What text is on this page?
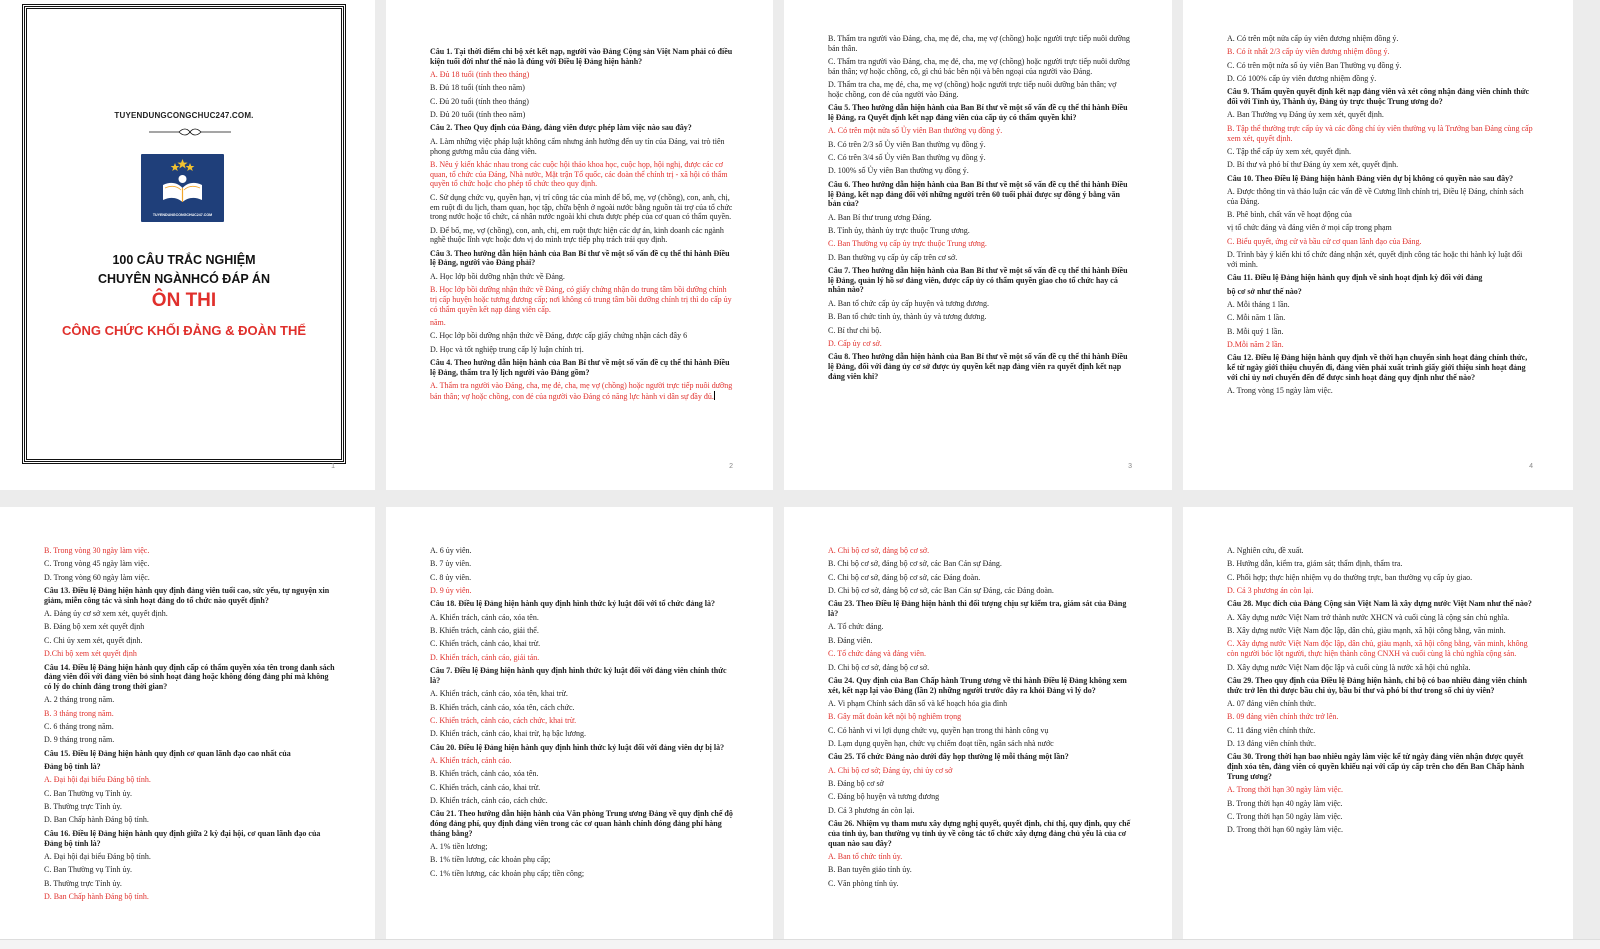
TUYENDUNGCONGCHUC247.COM.
TUYENDUNGCONGCHUC247.COM
100 CÂU TRẮC NGHIỆM
CHUYÊN NGÀNHCÓ ĐÁP ÁN
ÔN THI
CÔNG CHỨC KHỐI ĐẢNG & ĐOÀN THỂ
1

Câu 1. Tại thời điểm chi bộ xét kết nạp, người vào Đảng Cộng sản Việt Nam phải có điều kiện tuổi đời như thế nào là đúng với Điều lệ Đảng hiện hành?

A. Đủ 18 tuổi (tính theo tháng)

B. Đủ 18 tuổi (tính theo năm)

C. Đủ 20 tuổi (tính theo tháng)

D. Đủ 20 tuổi (tính theo năm)

Câu 2. Theo Quy định của Đảng, đảng viên được phép làm việc nào sau đây?

A. Làm những việc pháp luật không cấm nhưng ảnh hưởng đến uy tín của Đảng, vai trò tiên phong gương mẫu của đảng viên.

B. Nêu ý kiến khác nhau trong các cuộc hội thảo khoa học, cuộc họp, hội nghị, được các cơ quan, tổ chức của Đảng, Nhà nước, Mặt trận Tổ quốc, các đoàn thể chính trị - xã hội có thẩm quyền tổ chức hoặc cho phép tổ chức theo quy định.

C. Sử dụng chức vụ, quyền hạn, vị trí công tác của mình để bố, mẹ, vợ (chồng), con, anh, chị, em ruột đi du lịch, tham quan, học tập, chữa bệnh ở ngoài nước bằng nguồn tài trợ của tổ chức trong nước hoặc tổ chức, cá nhân nước ngoài khi chưa được phép của cơ quan có thẩm quyền.

D. Để bố, mẹ, vợ (chồng), con, anh, chị, em ruột thực hiện các dự án, kinh doanh các ngành nghề thuộc lĩnh vực hoặc đơn vị do mình trực tiếp phụ trách trái quy định.

Câu 3. Theo hướng dẫn hiện hành của Ban Bí thư về một số vấn đề cụ thể thi hành Điều lệ Đảng, người vào Đảng phải?

A. Học lớp bồi dưỡng nhận thức về Đảng.

B. Học lớp bồi dưỡng nhận thức về Đảng, có giấy chứng nhận do trung tâm bồi dưỡng chính trị cấp huyện hoặc tương đương cấp; nơi không có trung tâm bồi dưỡng chính trị thì do cấp ủy có thẩm quyền kết nạp đảng viên cấp.

năm.

C. Học lớp bồi dưỡng nhận thức về Đảng, được cấp giấy chứng nhận cách đây 6

D. Học và tốt nghiệp trung cấp lý luận chính trị.

Câu 4. Theo hướng dẫn hiện hành của Ban Bí thư về một số vấn đề cụ thể thi hành Điều lệ Đảng, thẩm tra lý lịch người vào Đảng gồm?

A. Thẩm tra người vào Đảng, cha, mẹ đẻ, cha, mẹ vợ (chồng) hoặc người trực tiếp nuôi dưỡng bản thân; vợ hoặc chồng, con đẻ của người vào Đảng có năng lực hành vi dân sự đầy đủ.

2

B. Thẩm tra người vào Đảng, cha, mẹ đẻ, cha, mẹ vợ (chồng) hoặc người trực tiếp nuôi dưỡng bản thân.

C. Thẩm tra người vào Đảng, cha, mẹ đẻ, cha, mẹ vợ (chồng) hoặc người trực tiếp nuôi dưỡng bản thân; vợ hoặc chồng, cô, gì chú bác bên nội và bên ngoại của người vào Đảng.

D. Thẩm tra cha, mẹ đẻ, cha, mẹ vợ (chồng) hoặc người trực tiếp nuôi dưỡng bản thân; vợ hoặc chồng, con đẻ của người vào Đảng.

Câu 5. Theo hướng dẫn hiện hành của Ban Bí thư về một số vấn đề cụ thể thi hành Điều lệ Đảng, ra Quyết định kết nạp đảng viên của cấp ủy có thẩm quyền khi?

A. Có trên một nửa số Ủy viên Ban thường vụ đồng ý.

B. Có trên 2/3 số Ủy viên Ban thường vụ đồng ý.

C. Có trên 3/4 số Ủy viên Ban thường vụ đồng ý.

D. 100% số Ủy viên Ban thường vụ đồng ý.

Câu 6. Theo hướng dẫn hiện hành của Ban Bí thư về một số vấn đề cụ thể thi hành Điều lệ Đảng, kết nạp đảng đối với những người trên 60 tuổi phải được sự đồng ý bằng văn bản của?

A. Ban Bí thư trung ương Đảng.

B. Tỉnh ủy, thành ủy trực thuộc Trung ương.

C. Ban Thường vụ cấp ủy trực thuộc Trung ương.

D. Ban thường vụ cấp ủy cấp trên cơ sở.

Câu 7. Theo hướng dẫn hiện hành của Ban Bí thư về một số vấn đề cụ thể thi hành Điều lệ Đảng, quản lý hồ sơ đảng viên, được cấp ủy có thẩm quyền giao cho tổ chức hay cá nhân nào?

A. Ban tổ chức cấp ủy cấp huyện và tương đương.

B. Ban tổ chức tỉnh ủy, thành ủy và tương đương.

C. Bí thư chi bộ.

D. Cấp ủy cơ sở.

Câu 8. Theo hướng dẫn hiện hành của Ban Bí thư về một số vấn đề cụ thể thi hành Điều lệ Đảng, đối với đảng ủy cơ sở được ủy quyền kết nạp đảng viên ra quyết định kết nạp đảng viên khi?

3

A. Có trên một nửa cấp ủy viên đương nhiệm đồng ý.

B. Có ít nhất 2/3 cấp ủy viên đương nhiệm đồng ý.

C. Có trên một nửa số ủy viên Ban Thường vụ đồng ý.

D. Có 100% cấp ủy viên đương nhiệm đồng ý.

Câu 9. Thẩm quyền quyết định kết nạp đảng viên và xét công nhận đảng viên chính thức đối với Tỉnh ủy, Thành ủy, Đảng ủy trực thuộc Trung ương do?

A. Ban Thường vụ Đảng ủy xem xét, quyết định.

B. Tập thể thường trực cấp ủy và các đồng chí ủy viên thường vụ là Trưởng ban Đảng cùng cấp xem xét, quyết định.

C. Tập thể cấp ủy xem xét, quyết định.

D. Bí thư và phó bí thư Đảng ủy xem xét, quyết định.

Câu 10. Theo Điều lệ Đảng hiện hành Đảng viên dự bị không có quyền nào sau đây?

A. Được thông tin và thảo luận các vấn đề về Cương lĩnh chính trị, Điều lệ Đảng, chính sách của Đảng.

B. Phê bình, chất vấn về hoạt động của

vị tổ chức đảng và đảng viên ở mọi cấp trong phạm

C. Biểu quyết, ứng cử và bầu cử cơ quan lãnh đạo của Đảng.

D. Trình bày ý kiến khi tổ chức đảng nhận xét, quyết định công tác hoặc thi hành kỷ luật đối với mình.

Câu 11. Điều lệ Đảng hiện hành quy định về sinh hoạt định kỳ đối với đảng

bộ cơ sở như thế nào?

A. Mỗi tháng 1 lần.

C. Mỗi năm 1 lần.

B. Mỗi quý 1 lần.

D.Mỗi năm 2 lần.

Câu 12. Điều lệ Đảng hiện hành quy định về thời hạn chuyển sinh hoạt đảng chính thức, kể từ ngày giới thiệu chuyển đi, đảng viên phải xuất trình giấy giới thiệu sinh hoạt đảng với chi ủy nơi chuyển đến để được sinh hoạt đảng quy định như thế nào?

A. Trong vòng 15 ngày làm việc.

4

B. Trong vòng 30 ngày làm việc.

C. Trong vòng 45 ngày làm việc.

D. Trong vòng 60 ngày làm việc.

Câu 13. Điều lệ Đảng hiện hành quy định đảng viên tuổi cao, sức yếu, tự nguyện xin giảm, miễn công tác và sinh hoạt đảng do tổ chức nào quyết định?

A. Đảng ủy cơ sở xem xét, quyết định.

B. Đảng bộ xem xét quyết định

C. Chi ủy xem xét, quyết định.

D.Chi bộ xem xét quyết định

Câu 14. Điều lệ Đảng hiện hành quy định cấp có thẩm quyền xóa tên trong danh sách đảng viên đối với đảng viên bỏ sinh hoạt đảng hoặc không đóng đảng phí mà không có lý do chính đáng trong thời gian?

A. 2 tháng trong năm.

B. 3 tháng trong năm.

C. 6 tháng trong năm.

D. 9 tháng trong năm.

Câu 15. Điều lệ Đảng hiện hành quy định cơ quan lãnh đạo cao nhất của

Đảng bộ tỉnh là?

A. Đại hội đại biểu Đảng bộ tỉnh.

C. Ban Thường vụ Tỉnh ủy.

B. Thường trực Tỉnh ủy.

D. Ban Chấp hành Đảng bộ tỉnh.

Câu 16. Điều lệ Đảng hiện hành quy định giữa 2 kỳ đại hội, cơ quan lãnh đạo của Đảng bộ tỉnh là?

A. Đại hội đại biểu Đảng bộ tỉnh.

C. Ban Thường vụ Tỉnh ủy.

B. Thường trực Tỉnh ủy.

D. Ban Chấp hành Đảng bộ tỉnh.

A. 6 ủy viên.

B. 7 ủy viên.

C. 8 ủy viên.

D. 9 ủy viên.

Câu 18. Điều lệ Đảng hiện hành quy định hình thức kỷ luật đối với tổ chức đảng là?

A. Khiển trách, cảnh cáo, xóa tên.

B. Khiển trách, cảnh cáo, giải thể.

C. Khiển trách, cảnh cáo, khai trừ.

D. Khiển trách, cảnh cáo, giải tán.

Câu 7. Điều lệ Đảng hiện hành quy định hình thức kỷ luật đối với đảng viên chính thức là?

A. Khiển trách, cảnh cáo, xóa tên, khai trừ.

B. Khiển trách, cảnh cáo, xóa tên, cách chức.

C. Khiển trách, cảnh cáo, cách chức, khai trừ.

D. Khiển trách, cảnh cáo, khai trừ, hạ bậc lương.

Câu 20. Điều lệ Đảng hiện hành quy định hình thức kỷ luật đối với đảng viên dự bị là?

A. Khiển trách, cảnh cáo.

B. Khiển trách, cảnh cáo, xóa tên.

C. Khiển trách, cảnh cáo, khai trừ.

D. Khiển trách, cảnh cáo, cách chức.

Câu 21. Theo hướng dẫn hiện hành của Văn phòng Trung ương Đảng về quy định chế độ đóng đảng phí, quy định đảng viên trong các cơ quan hành chính đóng đảng phí hàng tháng bằng?

A. 1% tiền lương;

B. 1% tiền lương, các khoản phụ cấp;

C. 1% tiền lương, các khoản phụ cấp; tiền công;

A. Chi bộ cơ sở, đảng bộ cơ sở.

B. Chi bộ cơ sở, đảng bộ cơ sở, các Ban Cán sự Đảng.

C. Chi bộ cơ sở, đảng bộ cơ sở, các Đảng đoàn.

D. Chi bộ cơ sở, đảng bộ cơ sở, các Ban Cán sự Đảng, các Đảng đoàn.

Câu 23. Theo Điều lệ Đảng hiện hành thì đối tượng chịu sự kiểm tra, giám sát của Đảng là?

A. Tổ chức đảng.

B. Đảng viên.

C. Tổ chức đảng và đảng viên.

D. Chi bộ cơ sở, đảng bộ cơ sở.

Câu 24. Quy định của Ban Chấp hành Trung ương về thi hành Điều lệ Đảng không xem xét, kết nạp lại vào Đảng (lần 2) những người trước đây ra khỏi Đảng vì lý do?

A. Vi phạm Chính sách dân số và kế hoạch hóa gia đình

B. Gây mất đoàn kết nội bộ nghiêm trọng

C. Có hành vi vi lợi dụng chức vụ, quyền hạn trong thi hành công vụ

D. Lạm dụng quyền hạn, chức vụ chiếm đoạt tiền, ngân sách nhà nước

Câu 25. Tổ chức Đảng nào dưới đây họp thường lệ mỗi tháng một lần?

A. Chi bộ cơ sở; Đảng ủy, chi ủy cơ sở

B. Đảng bộ cơ sở

C. Đảng bộ huyện và tương đương

D. Cả 3 phương án còn lại.

Câu 26. Nhiệm vụ tham mưu xây dựng nghị quyết, quyết định, chỉ thị, quy định, quy chế của tỉnh ủy, ban thường vụ tỉnh ủy về công tác tổ chức xây dựng đảng chủ yếu là của cơ quan nào sau đây?

A. Ban tổ chức tỉnh ủy.

B. Ban tuyên giáo tỉnh ủy.

C. Văn phòng tỉnh ủy.

A. Nghiên cứu, đề xuất.

B. Hướng dẫn, kiểm tra, giám sát; thẩm định, thẩm tra.

C. Phối hợp; thực hiện nhiệm vụ do thường trực, ban thường vụ cấp ủy giao.

D. Cả 3 phương án còn lại.

Câu 28. Mục đích của Đảng Cộng sản Việt Nam là xây dựng nước Việt Nam như thế nào?

A. Xây dựng nước Việt Nam trở thành nước XHCN và cuối cùng là cộng sản chủ nghĩa.

B. Xây dựng nước Việt Nam độc lập, dân chủ, giàu mạnh, xã hội công bằng, văn minh.

C. Xây dựng nước Việt Nam độc lập, dân chủ, giàu mạnh, xã hội công bằng, văn minh, không còn người bóc lột người, thực hiện thành công CNXH và cuối cùng là chủ nghĩa cộng sản.

D. Xây dựng nước Việt Nam độc lập và cuối cùng là nước xã hội chủ nghĩa.

Câu 29. Theo quy định của Điều lệ Đảng hiện hành, chi bộ có bao nhiêu đảng viên chính thức trở lên thì được bầu chi ủy, bầu bí thư và phó bí thư trong số chi ủy viên?

A. 07 đảng viên chính thức.

B. 09 đảng viên chính thức trở lên.

C. 11 đảng viên chính thức.

D. 13 đảng viên chính thức.

Câu 30. Trong thời hạn bao nhiêu ngày làm việc kể từ ngày đảng viên nhận được quyết định xóa tên, đảng viên có quyền khiếu nại với cấp ủy cấp trên cho đến Ban Chấp hành Trung ương?

A. Trong thời hạn 30 ngày làm việc.

B. Trong thời hạn 40 ngày làm việc.

C. Trong thời hạn 50 ngày làm việc.

D. Trong thời hạn 60 ngày làm việc.
